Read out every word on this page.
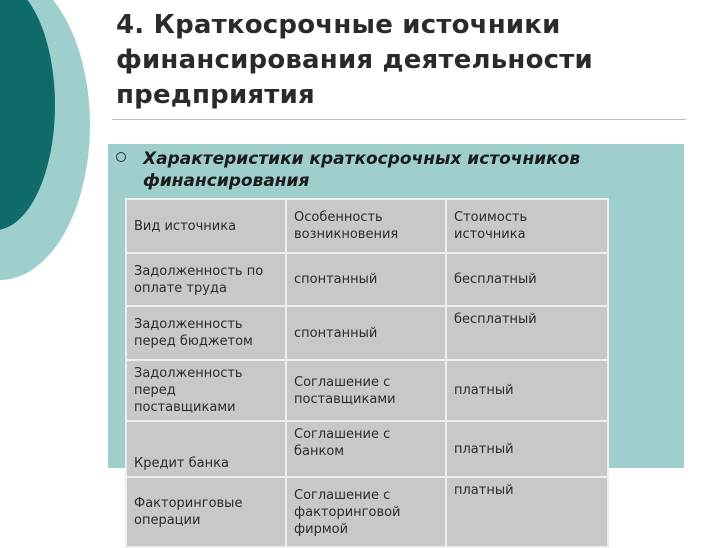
4. Краткосрочные источники финансирования деятельности предприятия
Характеристики краткосрочных источников финансирования
Вид источника	Особенность возникновения	Стоимость источника
Задолженность по оплате труда	спонтанный	бесплатный
Задолженность перед бюджетом	спонтанный	бесплатный
Задолженность перед поставщиками	Соглашение с поставщиками	платный
Кредит банка	Соглашение с банком	платный
Факторинговые операции	Соглашение с факторинговой фирмой	платный
